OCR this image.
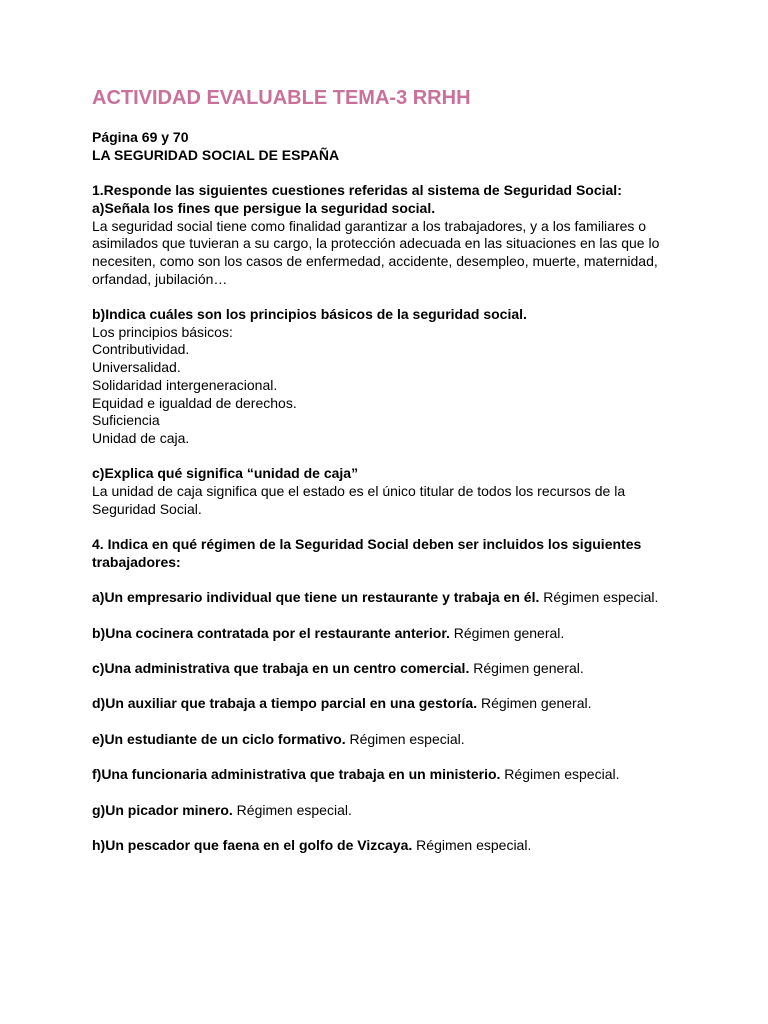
ACTIVIDAD EVALUABLE TEMA-3 RRHH

Página 69 y 70

LA SEGURIDAD SOCIAL DE ESPAÑA

1.Responde las siguientes cuestiones referidas al sistema de Seguridad Social:

a)Señala los fines que persigue la seguridad social.

La seguridad social tiene como finalidad garantizar a los trabajadores, y a los familiares o

asimilados que tuvieran a su cargo, la protección adecuada en las situaciones en las que lo

necesiten, como son los casos de enfermedad, accidente, desempleo, muerte, maternidad,

orfandad, jubilación…

b)Indica cuáles son los principios básicos de la seguridad social.

Los principios básicos:

Contributividad.

Universalidad.

Solidaridad intergeneracional.

Equidad e igualdad de derechos.

Suficiencia

Unidad de caja.

c)Explica qué significa “unidad de caja”

La unidad de caja significa que el estado es el único titular de todos los recursos de la

Seguridad Social.

4. Indica en qué régimen de la Seguridad Social deben ser incluidos los siguientes

trabajadores:

a)Un empresario individual que tiene un restaurante y trabaja en él. Régimen especial.

b)Una cocinera contratada por el restaurante anterior. Régimen general.

c)Una administrativa que trabaja en un centro comercial. Régimen general.

d)Un auxiliar que trabaja a tiempo parcial en una gestoría. Régimen general.

e)Un estudiante de un ciclo formativo. Régimen especial.

f)Una funcionaria administrativa que trabaja en un ministerio. Régimen especial.

g)Un picador minero. Régimen especial.

h)Un pescador que faena en el golfo de Vizcaya. Régimen especial.
